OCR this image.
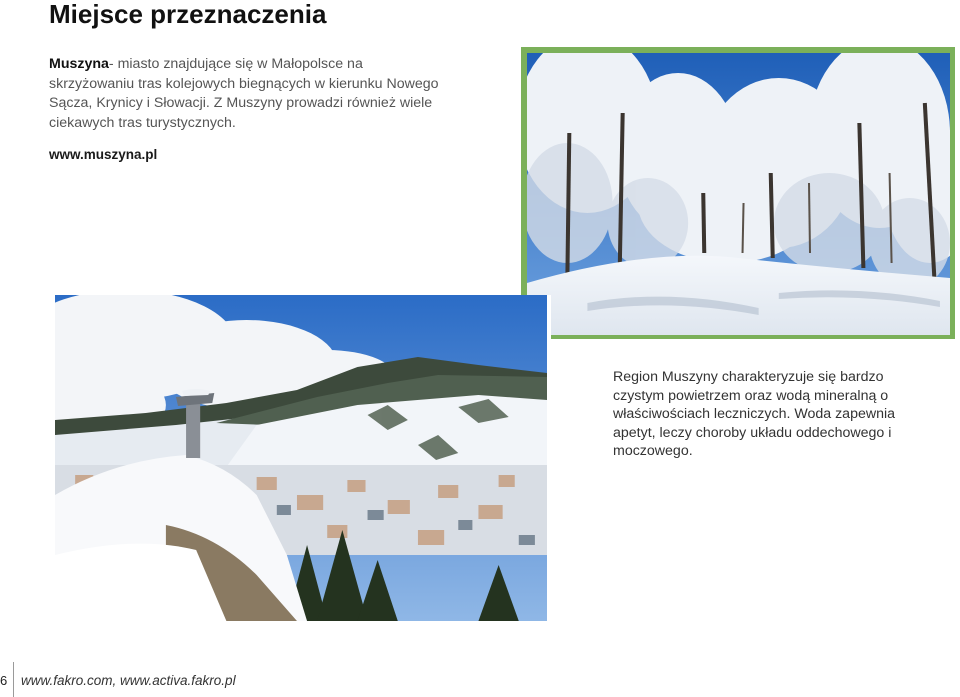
Miejsce przeznaczenia
Muszyna- miasto znajdujące się w Małopolsce na skrzyżowaniu tras kolejowych biegnących w kierunku Nowego Sącza, Krynicy i Słowacji. Z Muszyny prowadzi również wiele ciekawych tras turystycznych.
www.muszyna.pl
Region Muszyny charakteryzuje się bardzo czystym powietrzem oraz wodą mineralną o właściwościach leczniczych. Woda zapewnia apetyt, leczy choroby układu oddechowego i moczowego.
6 www.fakro.com, www.activa.fakro.pl
